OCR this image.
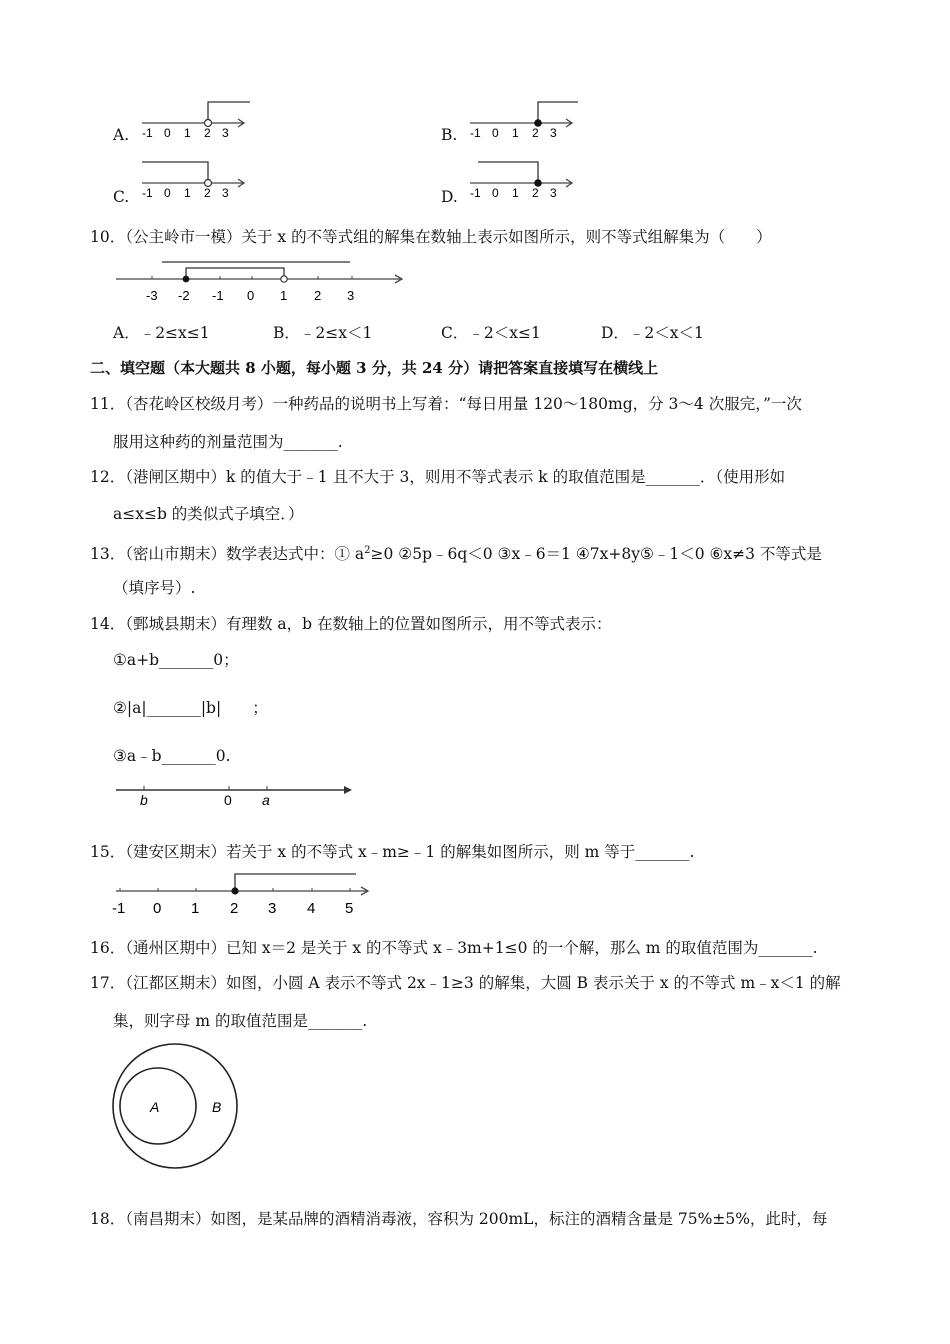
A. -1 0 1 2 3	B. -1 0 1 2 3
C. -1 0 1 2 3	D. -1 0 1 2 3
10．（公主岭市一模）关于 x 的不等式组的解集在数轴上表示如图所示，则不等式组解集为（　　）
-3 -2 -1 0 1 2 3
A．﹣2≤x≤1	B．﹣2≤x＜1	C．﹣2＜x≤1	D．﹣2＜x＜1
二、填空题（本大题共 8 小题，每小题 3 分，共 24 分）请把答案直接填写在横线上
11．（杏花岭区校级月考）一种药品的说明书上写着：“每日用量 120～180mg，分 3～4 次服完，”一次
服用这种药的剂量范围为_______.
12．（港闸区期中）k 的值大于﹣1 且不大于 3，则用不等式表示 k 的取值范围是_______．（使用形如
a≤x≤b 的类似式子填空．）
13．（密山市期末）数学表达式中：① $a^2\ge 0$ ②5p﹣6q＜0 ③x﹣6＝1 ④7x+8y⑤﹣1＜0 ⑥x≠3 不等式是
（填序号）.
14．（鄄城县期末）有理数 a，b 在数轴上的位置如图所示，用不等式表示：
①a+b_______0；
②|a|_______|b|　　；
③a﹣b_______0.
b	0 a
15．（建安区期末）若关于 x 的不等式 x﹣m≥﹣1 的解集如图所示，则 m 等于_______.
-1 0 1 2 3 4 5
16．（通州区期中）已知 x＝2 是关于 x 的不等式 x﹣3m+1≤0 的一个解，那么 m 的取值范围为_______.
17．（江都区期末）如图，小圆 A 表示不等式 2x﹣1≥3 的解集，大圆 B 表示关于 x 的不等式 m﹣x＜1 的解
集，则字母 m 的取值范围是_______.
A	B
18．（南昌期末）如图，是某品牌的酒精消毒液，容积为 200mL，标注的酒精含量是 75%±5%，此时，每
